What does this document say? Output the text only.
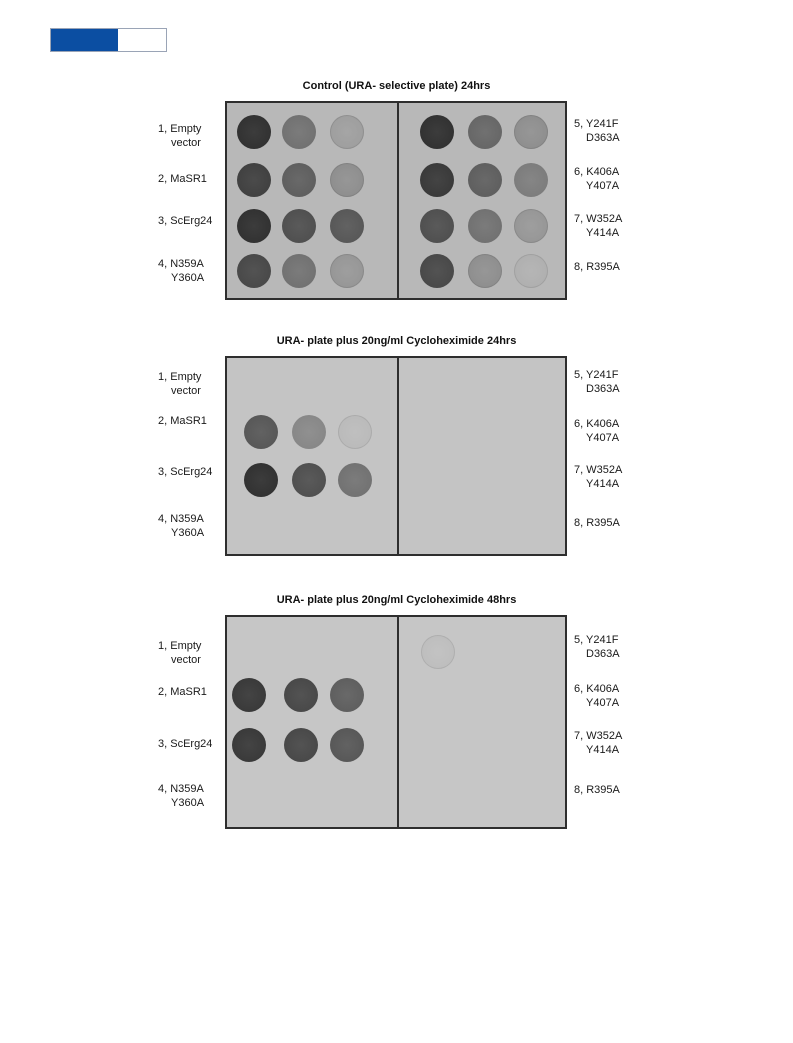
Control (URA- selective plate) 24hrs
1, Empty
vector
2, MaSR1
3, ScErg24
4, N359A
Y360A
5, Y241F
D363A
6, K406A
Y407A
7, W352A
Y414A
8, R395A
URA- plate plus 20ng/ml Cycloheximide 24hrs
1, Empty
vector
2, MaSR1
3, ScErg24
4, N359A
Y360A
5, Y241F
D363A
6, K406A
Y407A
7, W352A
Y414A
8, R395A
URA- plate plus 20ng/ml Cycloheximide 48hrs
1, Empty
vector
2, MaSR1
3, ScErg24
4, N359A
Y360A
5, Y241F
D363A
6, K406A
Y407A
7, W352A
Y414A
8, R395A
